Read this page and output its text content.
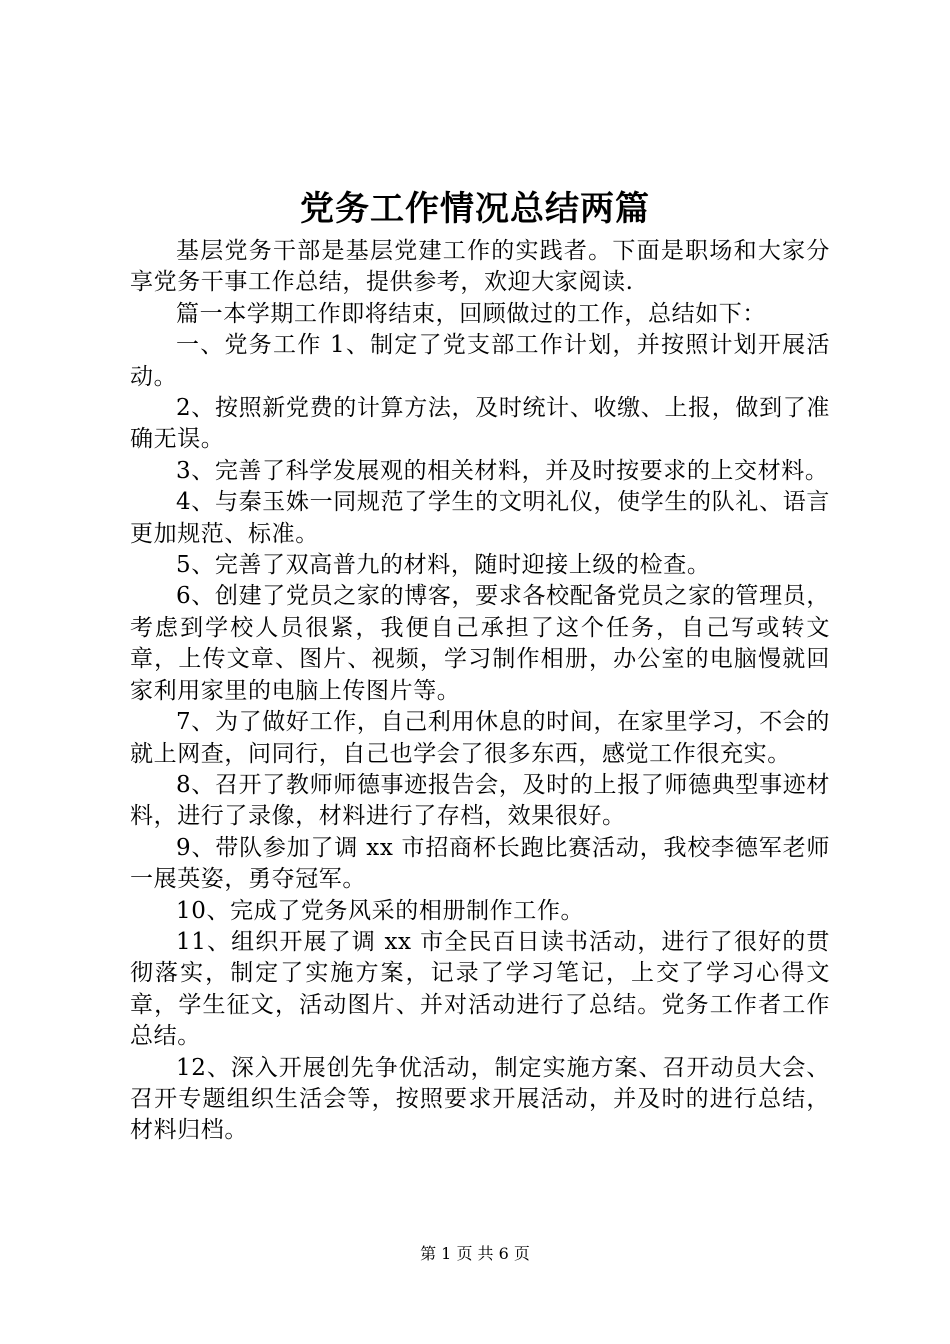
党务工作情况总结两篇

基层党务干部是基层党建工作的实践者。下面是职场和大家分享党务干事工作总结，提供参考，欢迎大家阅读.

篇一本学期工作即将结束，回顾做过的工作，总结如下：

一、党务工作 1、制定了党支部工作计划，并按照计划开展活动。

2、按照新党费的计算方法，及时统计、收缴、上报，做到了准确无误。

3、完善了科学发展观的相关材料，并及时按要求的上交材料。

4、与秦玉姝一同规范了学生的文明礼仪，使学生的队礼、语言更加规范、标准。

5、完善了双高普九的材料，随时迎接上级的检查。

6、创建了党员之家的博客，要求各校配备党员之家的管理员，考虑到学校人员很紧，我便自己承担了这个任务，自己写或转文章，上传文章、图片、视频，学习制作相册，办公室的电脑慢就回家利用家里的电脑上传图片等。

7、为了做好工作，自己利用休息的时间，在家里学习，不会的就上网查，问同行，自己也学会了很多东西，感觉工作很充实。

8、召开了教师师德事迹报告会，及时的上报了师德典型事迹材料，进行了录像，材料进行了存档，效果很好。

9、带队参加了调 xx 市招商杯长跑比赛活动，我校李德军老师一展英姿，勇夺冠军。

10、完成了党务风采的相册制作工作。

11、组织开展了调 xx 市全民百日读书活动，进行了很好的贯彻落实，制定了实施方案，记录了学习笔记，上交了学习心得文章，学生征文，活动图片、并对活动进行了总结。党务工作者工作总结。

12、深入开展创先争优活动，制定实施方案、召开动员大会、召开专题组织生活会等，按照要求开展活动，并及时的进行总结，材料归档。

第 1 页 共 6 页
